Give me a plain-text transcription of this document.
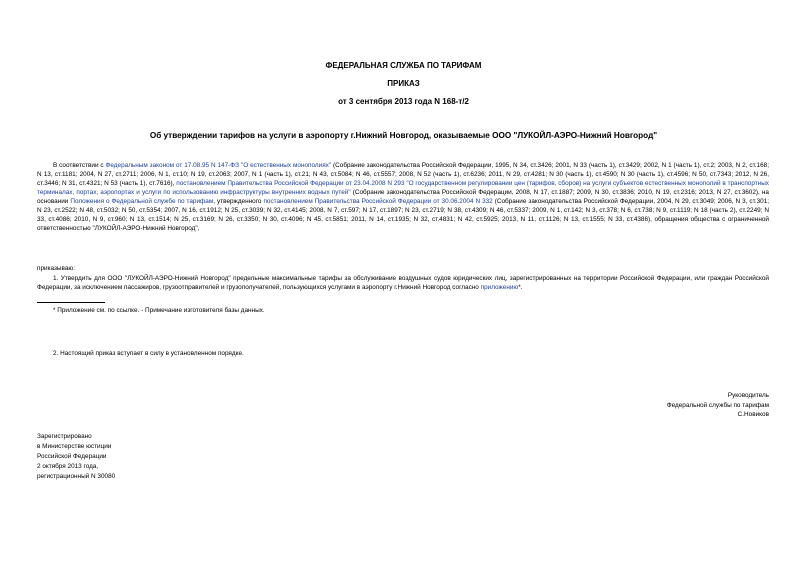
ФЕДЕРАЛЬНАЯ СЛУЖБА ПО ТАРИФАМ
ПРИКАЗ
от 3 сентября 2013 года N 168-т/2
Об утверждении тарифов на услуги в аэропорту г.Нижний Новгород, оказываемые ООО "ЛУКОЙЛ-АЭРО-Нижний Новгород"
В соответствии с Федеральным законом от 17.08.95 N 147-ФЗ "О естественных монополиях" (Собрание законодательства Российской Федерации, 1995, N 34, ст.3426; 2001, N 33 (часть 1), ст.3429; 2002, N 1 (часть 1), ст.2; 2003, N 2, ст.168; N 13, ст.1181; 2004, N 27, ст.2711; 2006, N 1, ст.10; N 19, ст.2063; 2007, N 1 (часть 1), ст.21; N 43, ст.5084; N 46, ст.5557; 2008, N 52 (часть 1), ст.6236; 2011, N 29, ст.4281; N 30 (часть 1), ст.4590; N 30 (часть 1), ст.4596; N 50, ст.7343; 2012, N 26, ст.3446; N 31, ст.4321; N 53 (часть 1), ст.7616), постановлением Правительства Российской Федерации от 23.04.2008 N 293 "О государственном регулировании цен (тарифов, сборов) на услуги субъектов естественных монополий в транспортных терминалах, портах, аэропортах и услуги по использованию инфраструктуры внутренних водных путей" (Собрание законодательства Российской Федерации, 2008, N 17, ст.1887; 2009, N 30, ст.3836; 2010, N 19, ст.2316; 2013, N 27, ст.3602), на основании Положения о Федеральной службе по тарифам, утвержденного постановлением Правительства Российской Федерации от 30.06.2004 N 332 (Собрание законодательства Российской Федерации, 2004, N 29, ст.3049; 2006, N 3, ст.301; N 23, ст.2522; N 48, ст.5032; N 50, ст.5354; 2007, N 16, ст.1912; N 25, ст.3039; N 32, ст.4145; 2008, N 7, ст.597; N 17, ст.1897; N 23, ст.2719; N 38, ст.4309; N 46, ст.5337; 2009, N 1, ст.142; N 3, ст.378; N 6, ст.738; N 9, ст.1119; N 18 (часть 2), ст.2249; N 33, ст.4086; 2010, N 9, ст.960; N 13, ст.1514; N 25, ст.3169; N 26, ст.3350; N 30, ст.4096; N 45, ст.5851; 2011, N 14, ст.1935; N 32, ст.4831; N 42, ст.5925; 2013, N 11, ст.1126; N 13, ст.1555; N 33, ст.4386), обращения общества с ограниченной ответственностью "ЛУКОЙЛ-АЭРО-Нижний Новгород",
приказываю:
1. Утвердить для ООО "ЛУКОЙЛ-АЭРО-Нижний Новгород" предельные максимальные тарифы за обслуживание воздушных судов юридических лиц, зарегистрированных на территории Российской Федерации, или граждан Российской Федерации, за исключением пассажиров, грузоотправителей и грузополучателей, пользующихся услугами в аэропорту г.Нижний Новгород согласно приложению*.
* Приложение см. по ссылке. - Примечание изготовителя базы данных.
2. Настоящий приказ вступает в силу в установленном порядке.
Руководитель
Федеральной службы по тарифам
С.Новиков
Зарегистрировано
в Министерстве юстиции
Российской Федерации
2 октября 2013 года,
регистрационный N 30080
